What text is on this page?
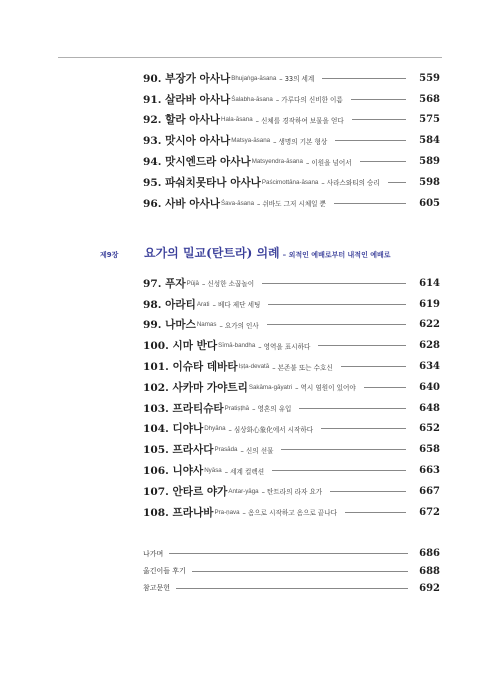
90. 부장가 아사나 Bhujaṅga-āsana – 33의 세계	559
91. 살라바 아사나 Śalabha-āsana – 가루다의 신비한 이름	568
92. 할라 아사나 Hala-āsana – 신체를 경작하여 보물을 얻다	575
93. 맛시아 아사나 Matsya-āsana – 생명의 기본 형상	584
94. 맛시엔드라 아사나 Matsyendra-āsana – 이원을 넘어서	589
95. 파숴치못타나 아사나 Paścimottāna-āsana – 사라스와티의 승리	598
96. 사바 아사나 Śava-āsana – 쉬바도 그저 시체일 뿐	605
제9장	요가의 밀교(탄트라) 의례 – 외적인 예배로부터 내적인 예배로
97. 푸자 Pūjā – 신성한 소꿉놀이	614
98. 아라티 Arati – 베다 제단 세팅	619
99. 나마스 Namas – 요가의 인사	622
100. 시마 반다 Sīmā-bandha – 영역을 표시하다	628
101. 이슈타 데바타 Iṣṭa-devatā – 본존불 또는 수호신	634
102. 사카마 가야트리 Sakāma-gāyatri – 역시 염원이 있어야	640
103. 프라티슈타 Pratiṣṭhā – 영혼의 유입	648
104. 디야나 Dhyāna – 심상화心象化에서 시작하다	652
105. 프라사다 Prasāda – 신의 선물	658
106. 니야사 Nyāsa – 세계 컬렉션	663
107. 안타르 야가 Antar-yāga – 탄트라의 라자 요가	667
108. 프라나바 Pra-ṇava – 옴으로 시작하고 옴으로 끝나다	672
나가며	686
옮긴이들 후기	688
참고문헌	692
